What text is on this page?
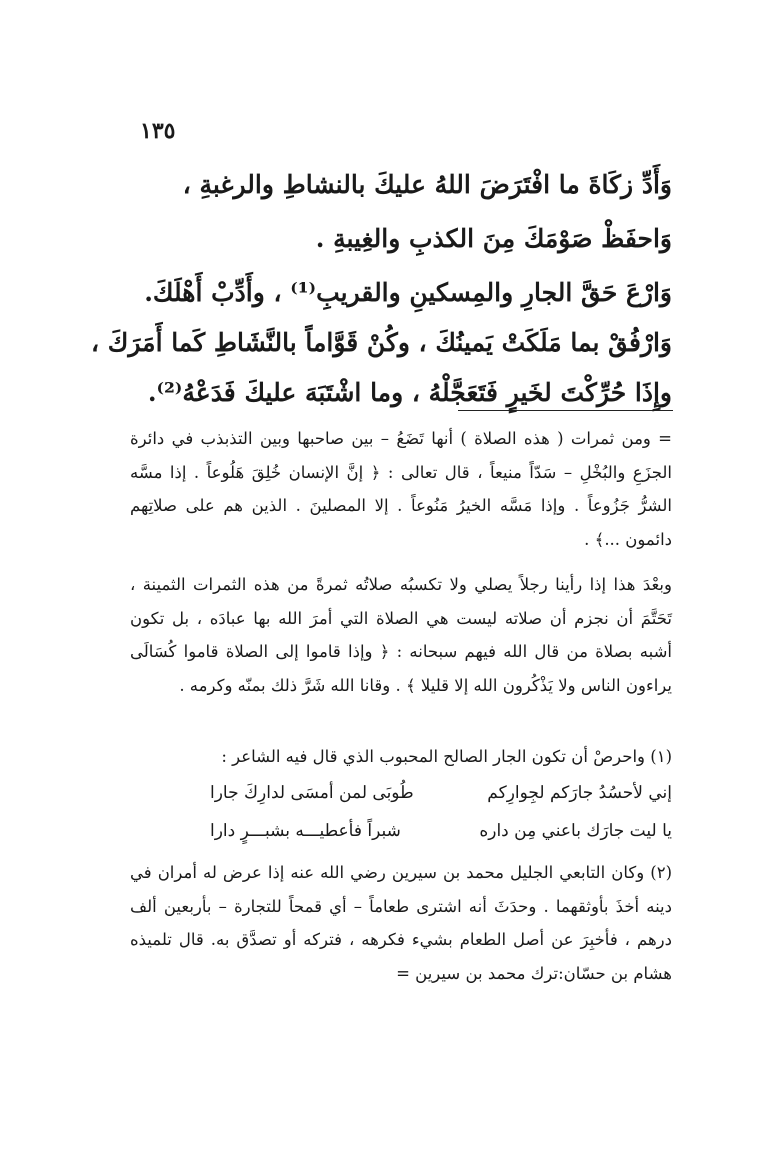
١٣٥
وَأَدِّ زكَاةَ ما افْتَرَضَ اللهُ عليكَ بالنشاطِ والرغبةِ ،
وَاحفَظْ صَوْمَكَ مِنَ الكذبِ والغِيبةِ .
وَارْعَ حَقَّ الجارِ والمِسكينِ والقريبِ⁽¹⁾ ، وأَدِّبْ أَهْلَكَ.
وَارْفُقْ بما مَلَكَتْ يَمينُكَ ، وكُنْ قَوَّاماً بالنَّشَاطِ كَما أَمَرَكَ ،
وإِذَا حُرِّكْتَ لخَيرٍ فَتَعَجَّلْهُ ، وما اشْتَبَهَ عليكَ فَدَعْهُ⁽²⁾.

= ومن ثمرات ( هذه الصلاة ) أنها تَضَعُ – بين صاحبها وبين التذبذب في دائرة الجزَعِ والبُخْلِ – سَدّاً منيعاً ، قال تعالى : ﴿ إنَّ الإنسان خُلِقَ هَلُوعاً . إذا مسَّه الشرُّ جَزُوعاً . وإذا مَسَّه الخيرُ مَنُوعاً . إلا المصلينَ . الذين هم على صلاتِهم دائمون ...﴾ .

وبعْدَ هذا إذا رأينا رجلاً يصلي ولا تكسبُه صلاتُه ثمرةً من هذه الثمرات الثمينة ، تَحَتَّمَ أن نجزم أن صلاته ليست هي الصلاة التي أمرَ الله بها عبادَه ، بل تكون أشبه بصلاة من قال الله فيهم سبحانه : ﴿ وإذا قاموا إلى الصلاة قاموا كُسَالَى يراءون الناس ولا يَذْكُرون الله إلا قليلا ﴾ . وقانا الله شَرَّ ذلك بمنّه وكرمه .

(١) واحرصْ أن تكون الجار الصالح المحبوب الذي قال فيه الشاعر :
إني لأحسُدُ جارَكم لجِوارِكم
طُوبَى لمن أمسَى لدارِكَ جارا
يا ليت جارَك باعني مِن داره
شبراً فأعطيـــه بشبـــرٍ دارا

(٢) وكان التابعي الجليل محمد بن سيرين رضي الله عنه إذا عرض له أمران في دينه أخذَ بأوثقهما . وحدَثَ أنه اشترى طعاماً – أي قمحاً للتجارة – بأربعين ألف درهم ، فأخبِرَ عن أصل الطعام بشيء فكرهه ، فتركه أو تصدَّق به. قال تلميذه هشام بن حسّان:ترك محمد بن سيرين =
